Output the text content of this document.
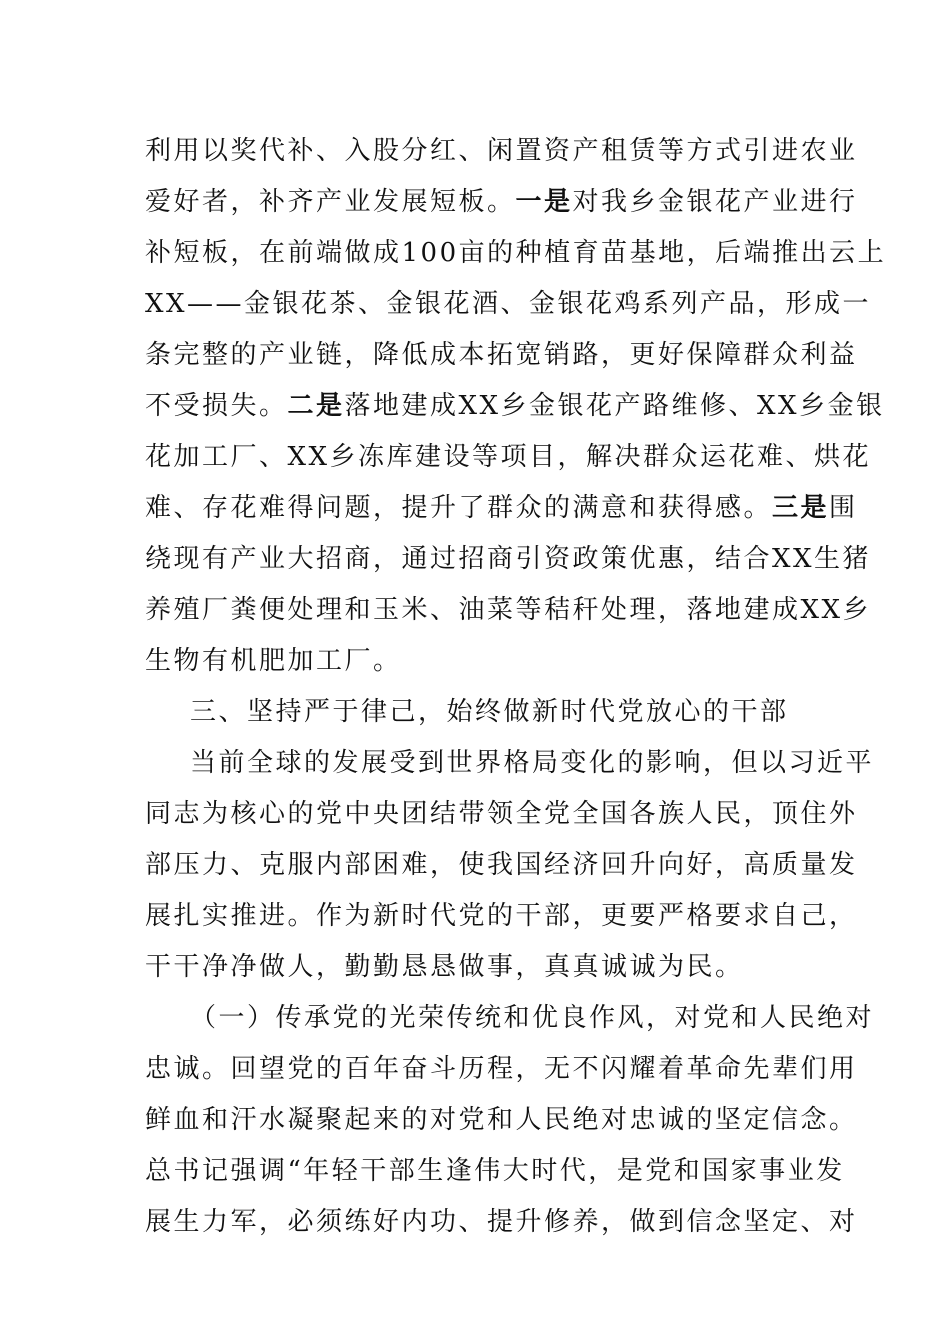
利用以奖代补、入股分红、闲置资产租赁等方式引进农业
爱好者，补齐产业发展短板。一是对我乡金银花产业进行
补短板，在前端做成100亩的种植育苗基地，后端推出云上
XX——金银花茶、金银花酒、金银花鸡系列产品，形成一
条完整的产业链，降低成本拓宽销路，更好保障群众利益
不受损失。二是落地建成XX乡金银花产路维修、XX乡金银
花加工厂、XX乡冻库建设等项目，解决群众运花难、烘花
难、存花难得问题，提升了群众的满意和获得感。三是围
绕现有产业大招商，通过招商引资政策优惠，结合XX生猪
养殖厂粪便处理和玉米、油菜等秸秆处理，落地建成XX乡
生物有机肥加工厂。
三、坚持严于律己，始终做新时代党放心的干部
当前全球的发展受到世界格局变化的影响，但以习近平
同志为核心的党中央团结带领全党全国各族人民，顶住外
部压力、克服内部困难，使我国经济回升向好，高质量发
展扎实推进。作为新时代党的干部，更要严格要求自己，
干干净净做人，勤勤恳恳做事，真真诚诚为民。
（一）传承党的光荣传统和优良作风，对党和人民绝对
忠诚。回望党的百年奋斗历程，无不闪耀着革命先辈们用
鲜血和汗水凝聚起来的对党和人民绝对忠诚的坚定信念。
总书记强调“年轻干部生逢伟大时代，是党和国家事业发
展生力军，必须练好内功、提升修养，做到信念坚定、对
